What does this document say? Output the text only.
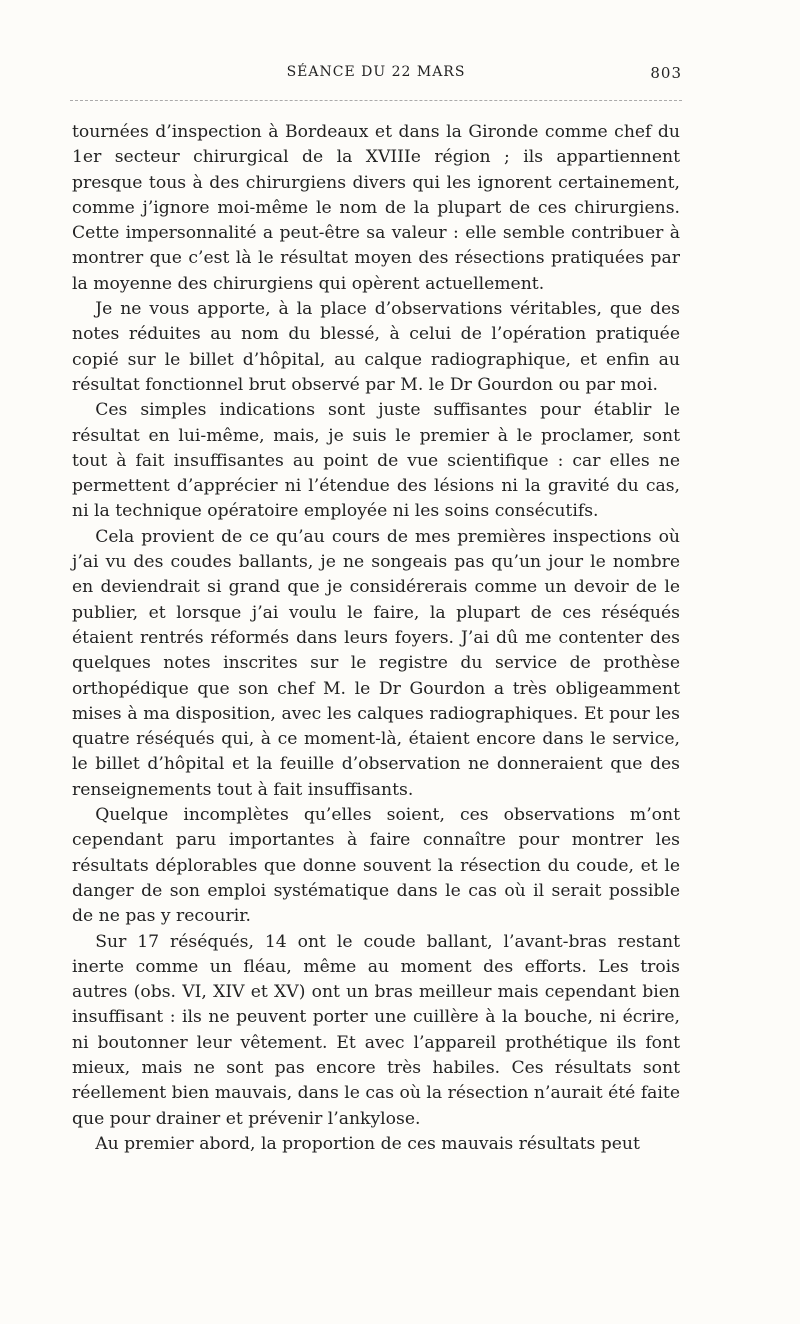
SÉANCE DU 22 MARS	803

tournées d’inspection à Bordeaux et dans la Gironde comme chef du 1er secteur chirurgical de la XVIIIe région ; ils appartiennent presque tous à des chirurgiens divers qui les ignorent certainement, comme j’ignore moi-même le nom de la plupart de ces chirurgiens. Cette impersonnalité a peut-être sa valeur : elle semble contribuer à montrer que c’est là le résultat moyen des résections pratiquées par la moyenne des chirurgiens qui opèrent actuellement.

Je ne vous apporte, à la place d’observations véritables, que des notes réduites au nom du blessé, à celui de l’opération pratiquée copié sur le billet d’hôpital, au calque radiographique, et enfin au résultat fonctionnel brut observé par M. le Dr Gourdon ou par moi.

Ces simples indications sont juste suffisantes pour établir le résultat en lui-même, mais, je suis le premier à le proclamer, sont tout à fait insuffisantes au point de vue scientifique : car elles ne permettent d’apprécier ni l’étendue des lésions ni la gravité du cas, ni la technique opératoire employée ni les soins consécutifs.

Cela provient de ce qu’au cours de mes premières inspections où j’ai vu des coudes ballants, je ne songeais pas qu’un jour le nombre en deviendrait si grand que je considérerais comme un devoir de le publier, et lorsque j’ai voulu le faire, la plupart de ces réséqués étaient rentrés réformés dans leurs foyers. J’ai dû me contenter des quelques notes inscrites sur le registre du service de prothèse orthopédique que son chef M. le Dr Gourdon a très obligeamment mises à ma disposition, avec les calques radiographiques. Et pour les quatre réséqués qui, à ce moment-là, étaient encore dans le service, le billet d’hôpital et la feuille d’observation ne donneraient que des renseignements tout à fait insuffisants.

Quelque incomplètes qu’elles soient, ces observations m’ont cependant paru importantes à faire connaître pour montrer les résultats déplorables que donne souvent la résection du coude, et le danger de son emploi systématique dans le cas où il serait possible de ne pas y recourir.

Sur 17 réséqués, 14 ont le coude ballant, l’avant-bras restant inerte comme un fléau, même au moment des efforts. Les trois autres (obs. VI, XIV et XV) ont un bras meilleur mais cependant bien insuffisant : ils ne peuvent porter une cuillère à la bouche, ni écrire, ni boutonner leur vêtement. Et avec l’appareil prothétique ils font mieux, mais ne sont pas encore très habiles. Ces résultats sont réellement bien mauvais, dans le cas où la résection n’aurait été faite que pour drainer et prévenir l’ankylose.

Au premier abord, la proportion de ces mauvais résultats peut
